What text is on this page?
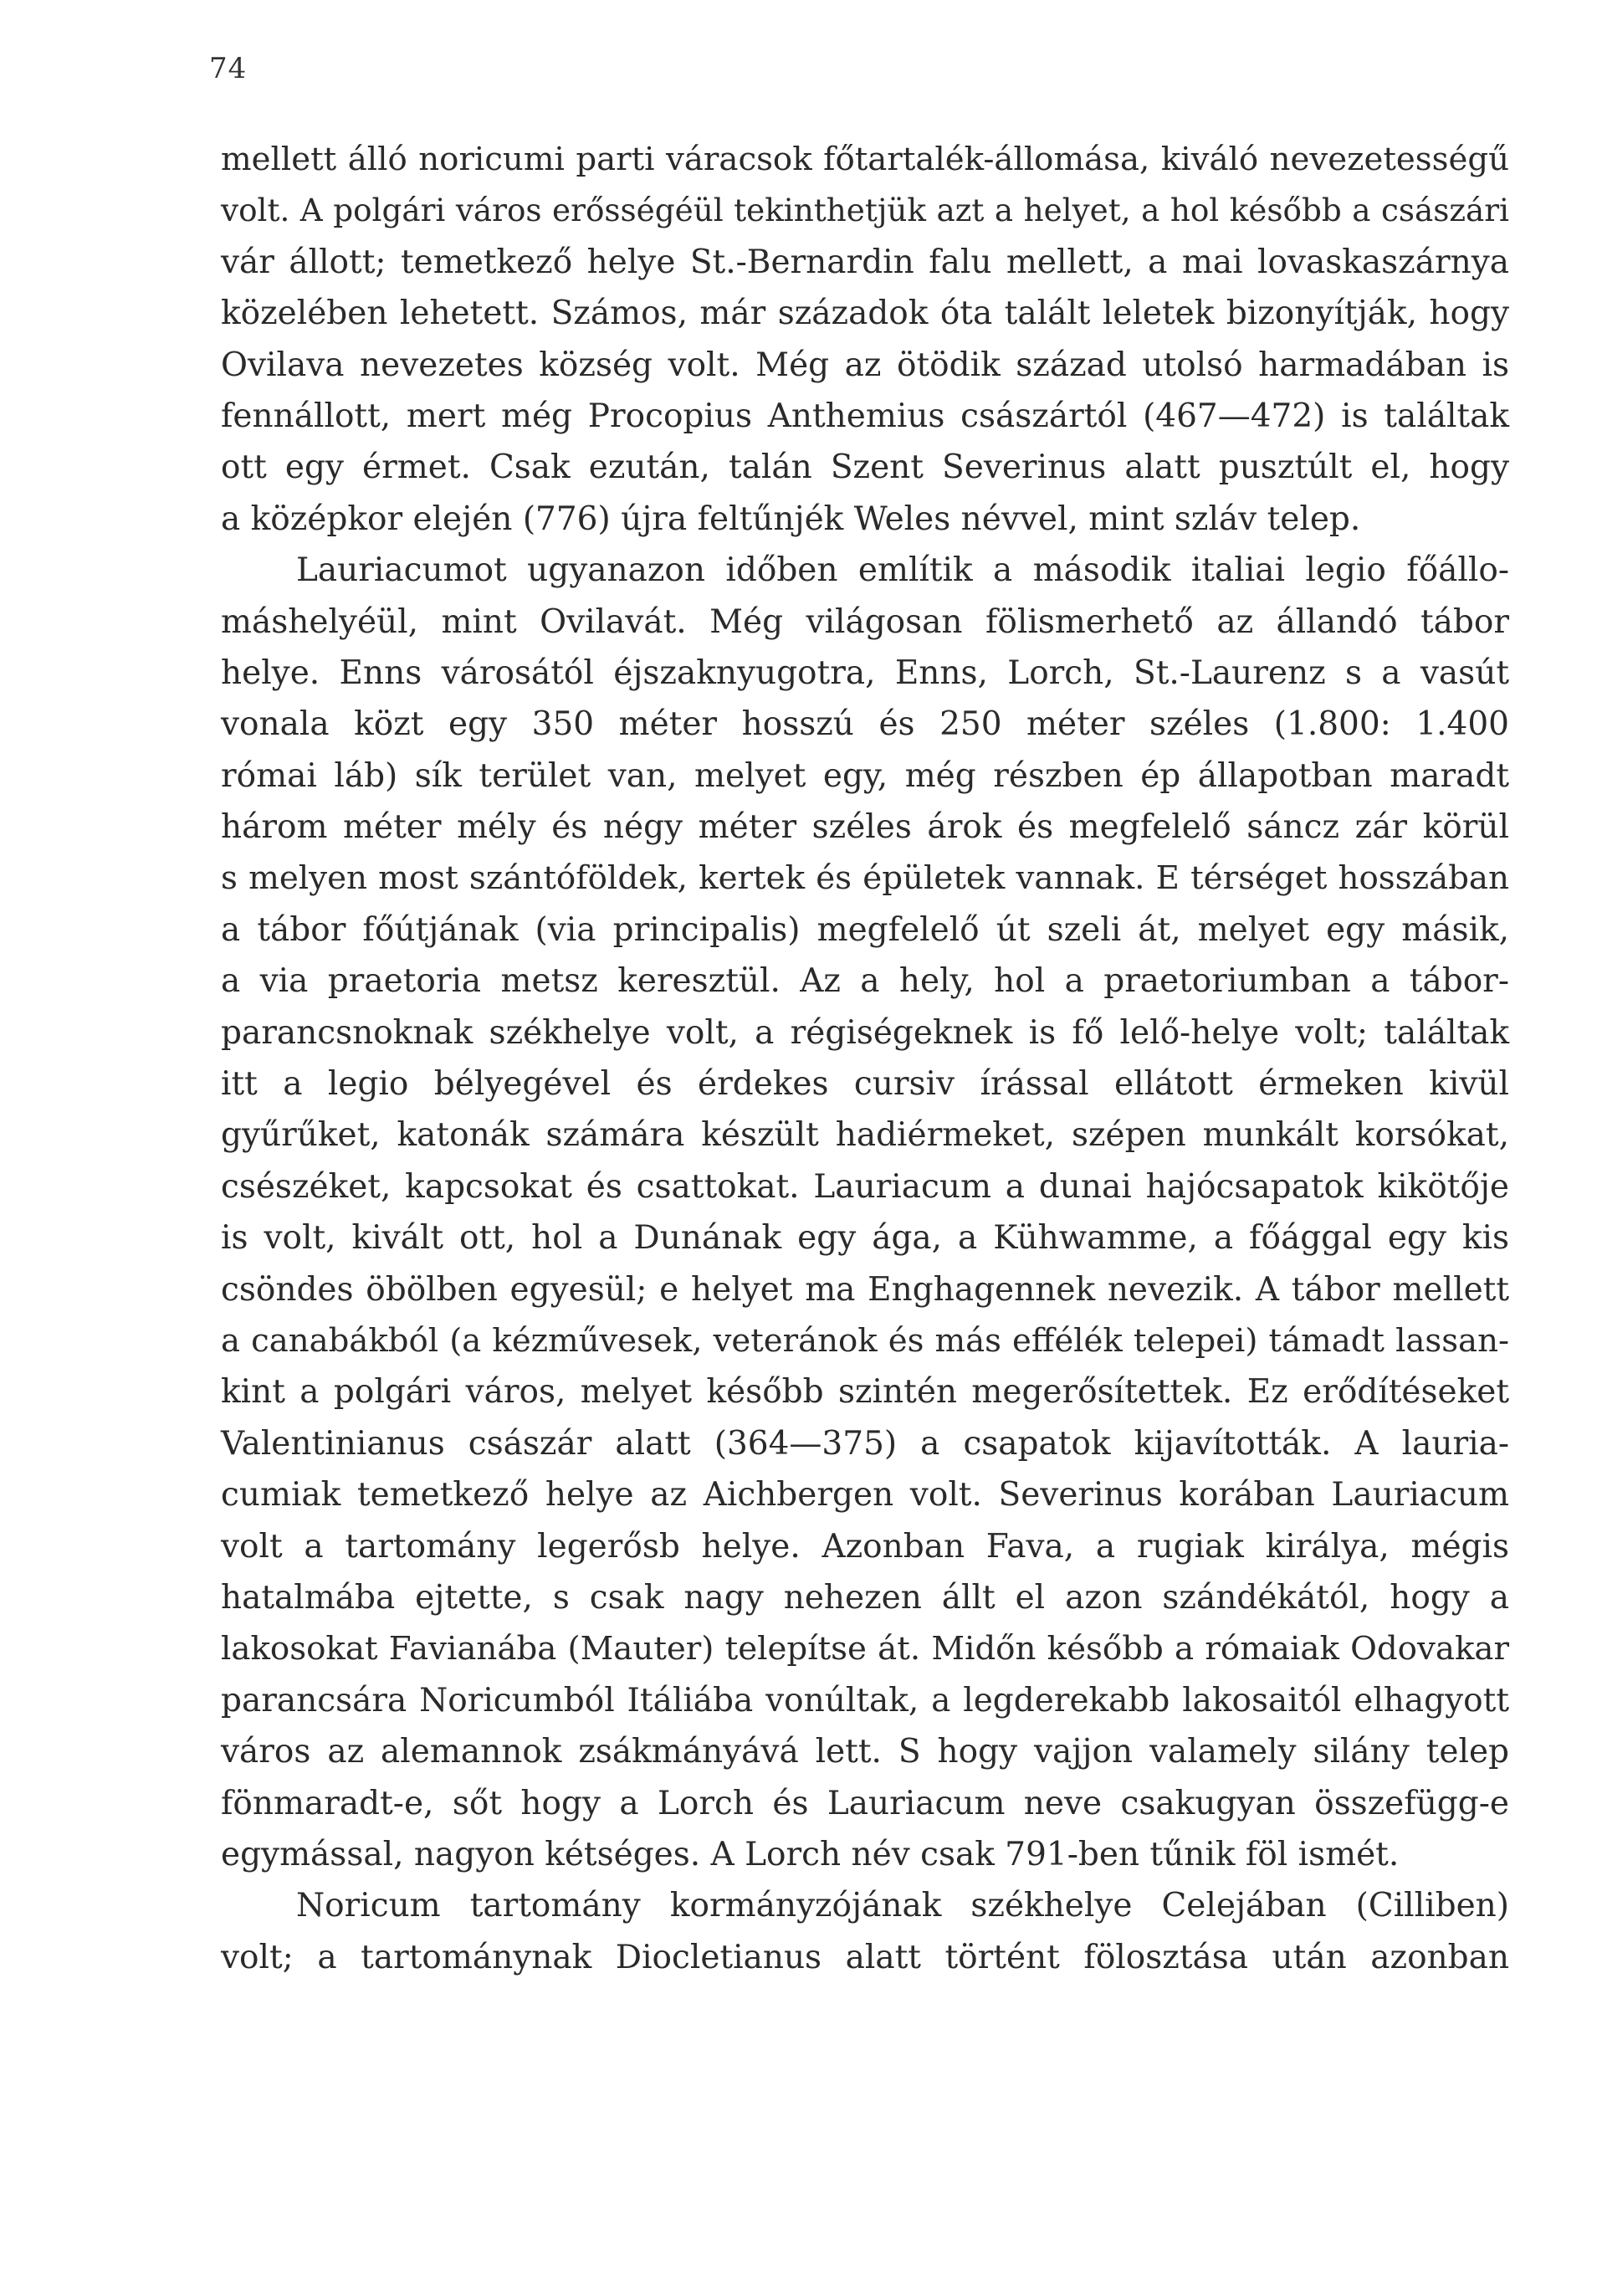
74
mellett álló noricumi parti váracsok főtartalék-állomása, kiváló nevezetességű
volt. A polgári város erősségéül tekinthetjük azt a helyet, a hol később a császári
vár állott; temetkező helye St.-Bernardin falu mellett, a mai lovaskaszárnya
közelében lehetett. Számos, már századok óta talált leletek bizonyítják, hogy
Ovilava nevezetes község volt. Még az ötödik század utolsó harmadában is
fennállott, mert még Procopius Anthemius császártól (467—472) is találtak
ott egy érmet. Csak ezután, talán Szent Severinus alatt pusztúlt el, hogy
a középkor elején (776) újra feltűnjék Weles névvel, mint szláv telep.
Lauriacumot ugyanazon időben említik a második italiai legio főállo-
máshelyéül, mint Ovilavát. Még világosan fölismerhető az állandó tábor
helye. Enns városától éjszaknyugotra, Enns, Lorch, St.-Laurenz s a vasút
vonala közt egy 350 méter hosszú és 250 méter széles (1.800: 1.400
római láb) sík terület van, melyet egy, még részben ép állapotban maradt
három méter mély és négy méter széles árok és megfelelő sáncz zár körül
s melyen most szántóföldek, kertek és épületek vannak. E térséget hosszában
a tábor főútjának (via principalis) megfelelő út szeli át, melyet egy másik,
a via praetoria metsz keresztül. Az a hely, hol a praetoriumban a tábor-
parancsnoknak székhelye volt, a régiségeknek is fő lelő-helye volt; találtak
itt a legio bélyegével és érdekes cursiv írással ellátott érmeken kivül
gyűrűket, katonák számára készült hadiérmeket, szépen munkált korsókat,
csészéket, kapcsokat és csattokat. Lauriacum a dunai hajócsapatok kikötője
is volt, kivált ott, hol a Dunának egy ága, a Kühwamme, a főággal egy kis
csöndes öbölben egyesül; e helyet ma Enghagennek nevezik. A tábor mellett
a canabákból (a kézművesek, veteránok és más effélék telepei) támadt lassan-
kint a polgári város, melyet később szintén megerősítettek. Ez erődítéseket
Valentinianus császár alatt (364—375) a csapatok kijavították. A lauria-
cumiak temetkező helye az Aichbergen volt. Severinus korában Lauriacum
volt a tartomány legerősb helye. Azonban Fava, a rugiak királya, mégis
hatalmába ejtette, s csak nagy nehezen állt el azon szándékától, hogy a
lakosokat Favianába (Mauter) telepítse át. Midőn később a rómaiak Odovakar
parancsára Noricumból Itáliába vonúltak, a legderekabb lakosaitól elhagyott
város az alemannok zsákmányává lett. S hogy vajjon valamely silány telep
fönmaradt-e, sőt hogy a Lorch és Lauriacum neve csakugyan összefügg-e
egymással, nagyon kétséges. A Lorch név csak 791-ben tűnik föl ismét.
Noricum tartomány kormányzójának székhelye Celejában (Cilliben)
volt; a tartománynak Diocletianus alatt történt fölosztása után azonban
